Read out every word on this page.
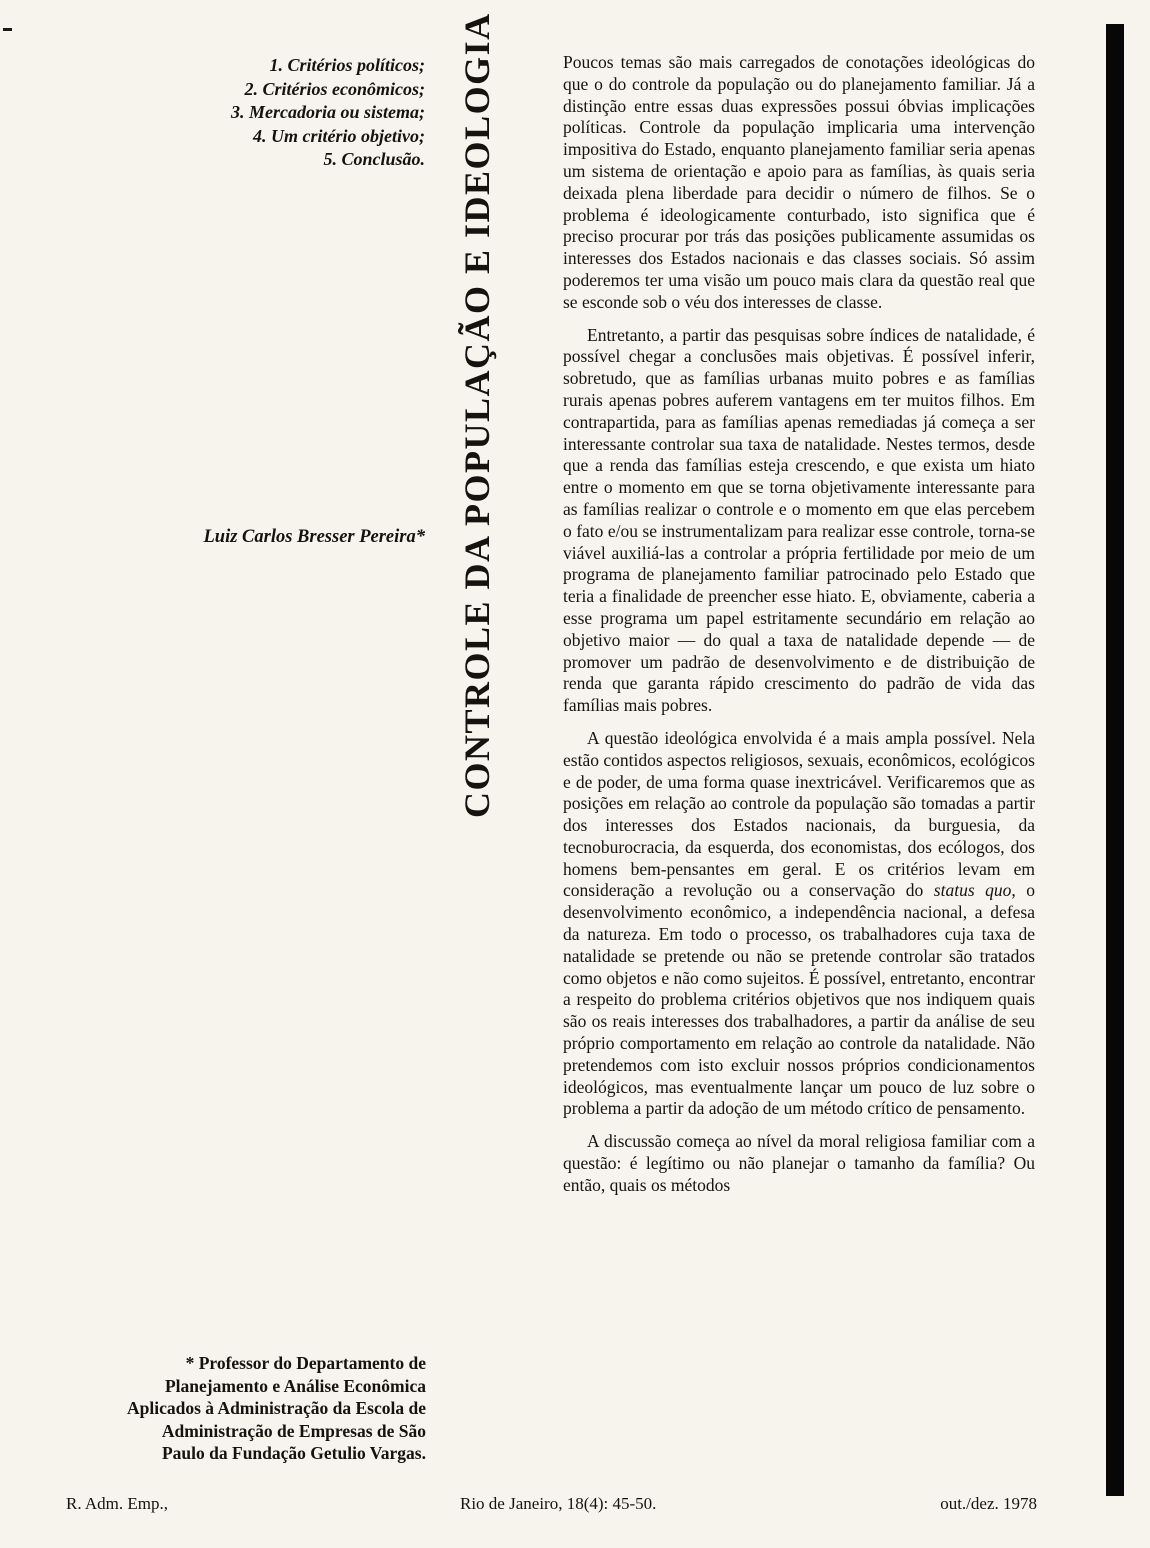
1. Critérios políticos;
2. Critérios econômicos;
3. Mercadoria ou sistema;
4. Um critério objetivo;
5. Conclusão.
Luiz Carlos Bresser Pereira* CONTROLE DA POPULAÇÃO E IDEOLOGIA	Poucos temas são mais carregados de conotações ideológicas do que o do controle da população ou do planejamento familiar. Já a distinção entre essas duas expressões possui óbvias implicações políticas. Controle da população implicaria uma intervenção impositiva do Estado, enquanto planejamento familiar seria apenas um sistema de orientação e apoio para as famílias, às quais seria deixada plena liberdade para decidir o número de filhos. Se o problema é ideologicamente conturbado, isto significa que é preciso procurar por trás das posições publicamente assumidas os interesses dos Estados nacionais e das classes sociais. Só assim poderemos ter uma visão um pouco mais clara da questão real que se esconde sob o véu dos interesses de classe.

Entretanto, a partir das pesquisas sobre índices de natalidade, é possível chegar a conclusões mais objetivas. É possível inferir, sobretudo, que as famílias urbanas muito pobres e as famílias rurais apenas pobres auferem vantagens em ter muitos filhos. Em contrapartida, para as famílias apenas remediadas já começa a ser interessante controlar sua taxa de natalidade. Nestes termos, desde que a renda das famílias esteja crescendo, e que exista um hiato entre o momento em que se torna objetivamente interessante para as famílias realizar o controle e o momento em que elas percebem o fato e/ou se instrumentalizam para realizar esse controle, torna-se viável auxiliá-las a controlar a própria fertilidade por meio de um programa de planejamento familiar patrocinado pelo Estado que teria a finalidade de preencher esse hiato. E, obviamente, caberia a esse programa um papel estritamente secundário em relação ao objetivo maior — do qual a taxa de natalidade depende — de promover um padrão de desenvolvimento e de distribuição de renda que garanta rápido crescimento do padrão de vida das famílias mais pobres.

A questão ideológica envolvida é a mais ampla possível. Nela estão contidos aspectos religiosos, sexuais, econômicos, ecológicos e de poder, de uma forma quase inextricável. Verificaremos que as posições em relação ao controle da população são tomadas a partir dos interesses dos Estados nacionais, da burguesia, da tecnoburocracia, da esquerda, dos economistas, dos ecólogos, dos homens bem-pensantes em geral. E os critérios levam em consideração a revolução ou a conservação do status quo, o desenvolvimento econômico, a independência nacional, a defesa da natureza. Em todo o processo, os trabalhadores cuja taxa de natalidade se pretende ou não se pretende controlar são tratados como objetos e não como sujeitos. É possível, entretanto, encontrar a respeito do problema critérios objetivos que nos indiquem quais são os reais interesses dos trabalhadores, a partir da análise de seu próprio comportamento em relação ao controle da natalidade. Não pretendemos com isto excluir nossos próprios condicionamentos ideológicos, mas eventualmente lançar um pouco de luz sobre o problema a partir da adoção de um método crítico de pensamento.

A discussão começa ao nível da moral religiosa familiar com a questão: é legítimo ou não planejar o tamanho da família? Ou então, quais os métodos

* Professor do Departamento de
Planejamento e Análise Econômica
Aplicados à Administração da Escola de
Administração de Empresas de São
Paulo da Fundação Getulio Vargas.
R. Adm. Emp.,	Rio de Janeiro, 18(4): 45-50.	out./dez. 1978
